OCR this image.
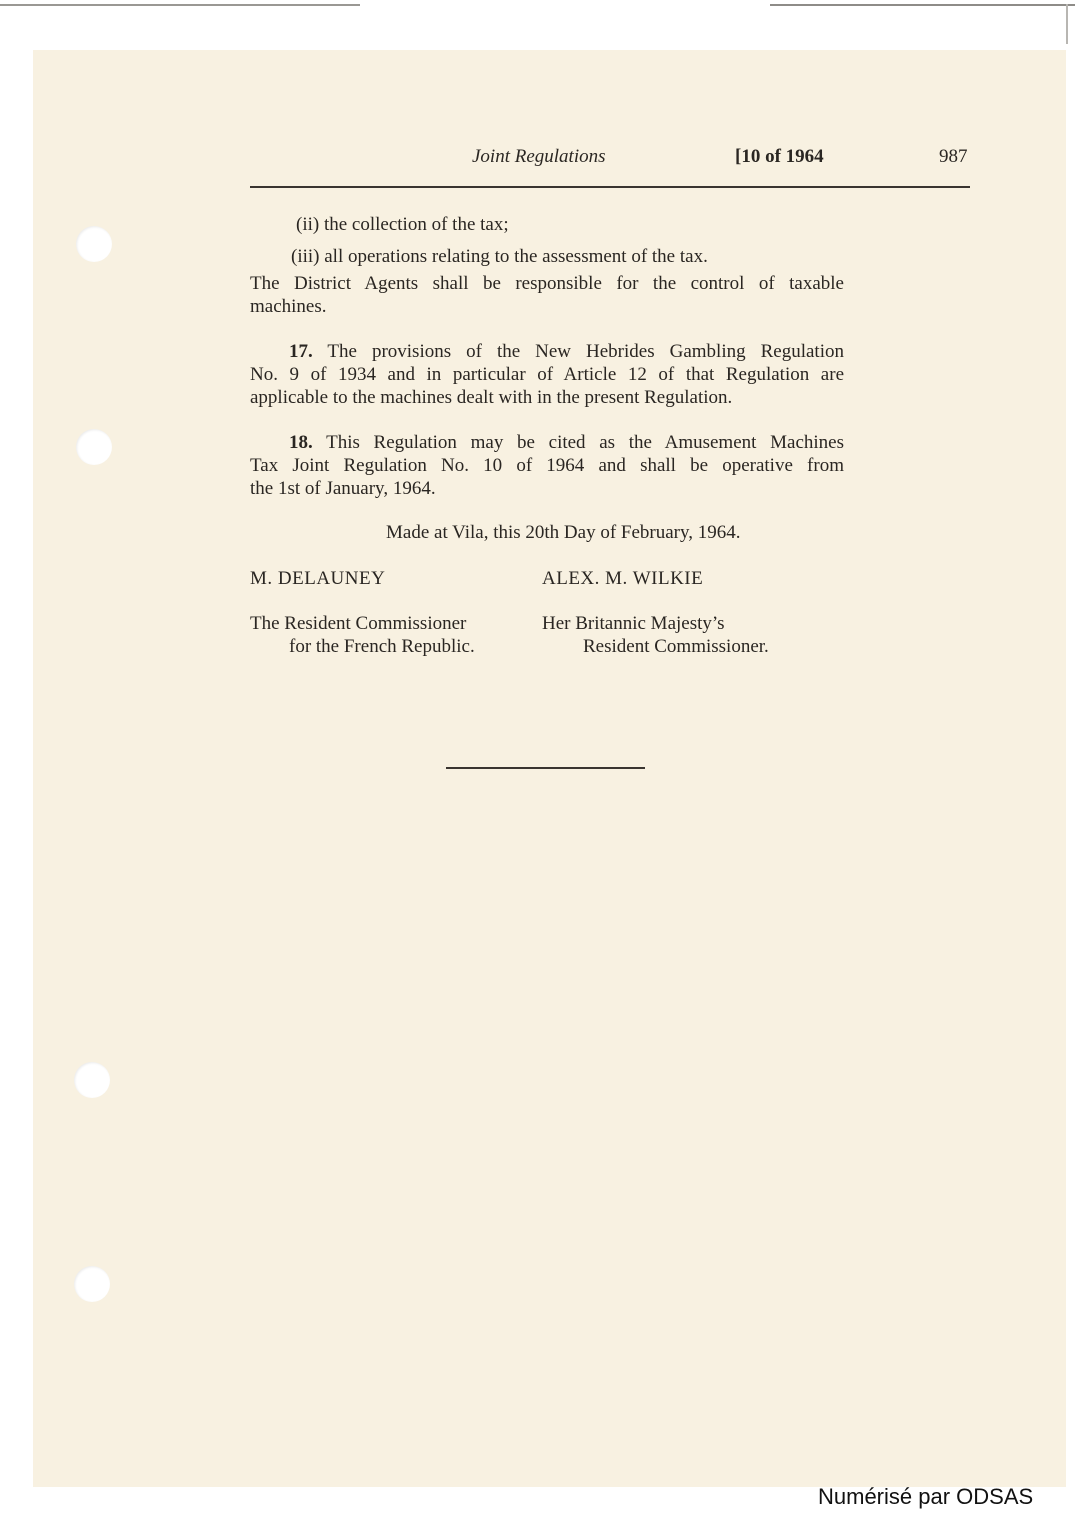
Joint Regulations	[10 of 1964	987
(ii) the collection of the tax;
(iii) all operations relating to the assessment of the tax.
The District Agents shall be responsible for the control of taxable
machines.
17. The provisions of the New Hebrides Gambling Regulation
No. 9 of 1934 and in particular of Article 12 of that Regulation are
applicable to the machines dealt with in the present Regulation.
18. This Regulation may be cited as the Amusement Machines
Tax Joint Regulation No. 10 of 1964 and shall be operative from
the 1st of January, 1964.
Made at Vila, this 20th Day of February, 1964.
M. DELAUNEY	ALEX. M. WILKIE
The Resident Commissioner
for the French Republic.
Her Britannic Majesty’s
Resident Commissioner.
Numérisé par ODSAS
